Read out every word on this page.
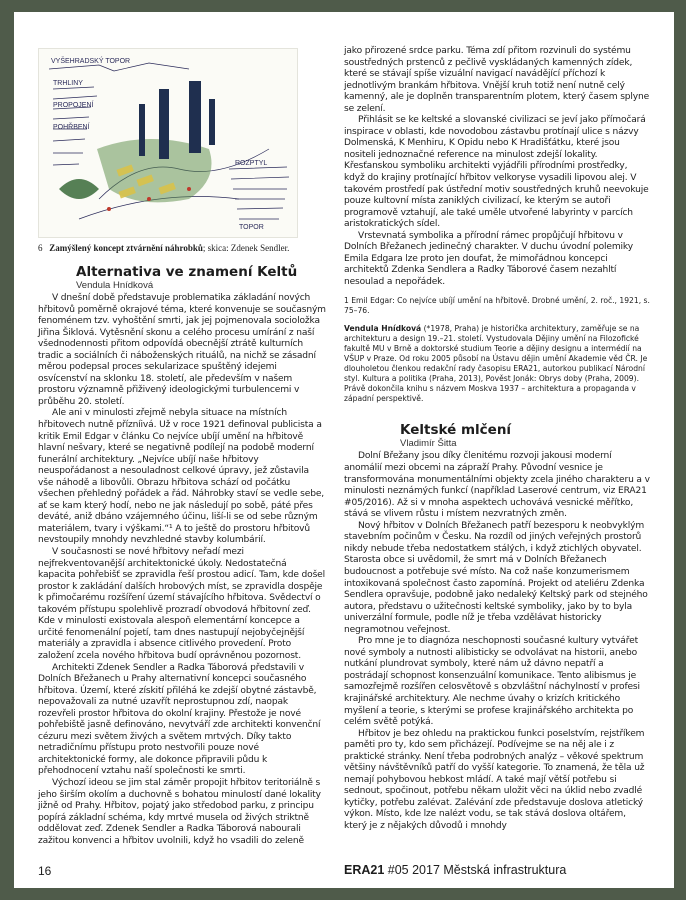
VYŠEHRADSKÝ TOPOR
TRHLINY
PROPOJENÍ
POHŘBENÍ
ROZPTYL
TOPOR
6 Zamýšlený koncept ztvárnění náhrobků; skica: Zdenek Sendler.
Alternativa ve znamení Keltů
Vendula Hnídková

V dnešní době představuje problematika základání nových hřbitovů poměrně okrajové téma, které konvenuje se současným fenoménem tzv. vyhoštění smrti, jak jej pojmenovala socioložka Jiřina Šiklová. Vytěsnění skonu a celého procesu umírání z naší všednodennosti přitom odpovídá obecnější ztrátě kulturních tradic a sociálních či náboženských rituálů, na nichž se zásadní měrou podepsal proces sekularizace spuštěný idejemi osvícenství na sklonku 18. století, ale především v našem prostoru významně přiživený ideologickými turbulencemi v průběhu 20. století.

Ale ani v minulosti zřejmě nebyla situace na místních hřbitovech nutně přízníivá. Už v roce 1921 definoval publicista a kritik Emil Edgar v článku Co nejvíce ubíjí umění na hřbitově hlavní nešvary, které se negativně podílejí na podobě moderní funerální architektury. „Nejvíce ubíjí naše hřbitovy neuspořádanost a nesouladnost celkové úpravy, jež zůstavila vše náhodě a libovůli. Obrazu hřbitova schází od počátku všechen přehledný pořádek a řád. Náhrobky staví se vedle sebe, ať se kam který hodí, nebo ne jak následují po sobě, páté přes deváté, aniž dbáno vzájemného účinu, liší-li se od sebe různým materiálem, tvary i výškami.“¹ A to ještě do prostoru hřbitovů nevstoupily mnohdy nevzhledné stavby kolumbárií.

V současnosti se nové hřbitovy neřadí mezi nejfrekventovanější architektonické úkoly. Nedostatečná kapacita pohřebišť se zpravidla řeší prostou adicí. Tam, kde došel prostor k zakládání dalších hrobových míst, se zpravidla dospěje k přimočarému rozšíření území stávajícího hřbitova. Svědectví o takovém přístupu spolehlivě prozradí obvodová hřbitovní zeď. Kde v minulosti existovala alespoň elementární koncepce a určité fenomenální pojetí, tam dnes nastupují nejobyčejnější materiály a zpravidla i absence citlivého provedení. Proto založení zcela nového hřbitova budí oprávněnou pozornost.

Architekti Zdenek Sendler a Radka Táborová představili v Dolních Břežanech u Prahy alternativní koncepci současného hřbitova. Území, které získití přiléhá ke zdejší obytné zástavbě, nepovažovali za nutné uzavřít neprostupnou zdí, naopak rozevřeli prostor hřbitova do okolní krajiny. Přestože je nové pohřebiště jasně definováno, nevytváří zde architekti konvenční cézuru mezi světem živých a světem mrtvých. Díky takto netradičnímu přístupu proto nestvořili pouze nové architektonické formy, ale dokonce připravili půdu k přehodnocení vztahu naší společnosti ke smrti.

Výchozí ideou se jim stal záměr propojit hřbitov teritoriálně s jeho širším okolím a duchovně s bohatou minulostí dané lokality jižně od Prahy. Hřbitov, pojatý jako středobod parku, z principu popírá základní schéma, kdy mrtvé musela od živých striktně oddělovat zeď. Zdenek Sendler a Radka Táborová nabourali zažitou konvenci a hřbitov uvolnili, když ho vsadili do zeleně

jako přirozené srdce parku. Téma zdí přitom rozvinuli do systému soustředných prstenců z pečlivě vyskládaných kamenných zídek, které se stávají spíše vizuální navigací navádějící příchozí k jednotlivým brankám hřbitova. Vnější kruh totiž není nutně celý kamenný, ale je doplněn transparentním plotem, který časem splyne se zelení.

Přihlásit se ke keltské a slovanské civilizaci se jeví jako přímočará inspirace v oblasti, kde novodobou zástavbu protínají ulice s názvy Dolmenská, K Menhiru, K Opidu nebo K Hradišťátku, které jsou nositeli jednoznačné reference na minulost zdejší lokality. Křesťanskou symboliku architekti vyjádřili přírodními prostředky, když do krajiny protínající hřbitov velkoryse vysadili lipovou alej. V takovém prostředí pak ústřední motiv soustředných kruhů neevokuje pouze kultovní místa zaniklých civilizací, ke kterým se autoři programově vztahují, ale také uměle utvořené labyrinty v parcích aristokratických sídel.

Vrstevnatá symbolika a přírodní rámec propůjčují hřbitovu v Dolních Břežanech jedinečný charakter. V duchu úvodní polemiky Emila Edgara lze proto jen doufat, že mimořádnou koncepci architektů Zdenka Sendlera a Radky Táborové časem nezahltí nesoulad a nepořádek.

1 Emil Edgar: Co nejvíce ubíjí umění na hřbitově. Drobné umění, 2. roč., 1921, s. 75–76.
Vendula Hnídková (*1978, Praha) je historička architektury, zaměřuje se na architekturu a design 19.–21. století. Vystudovala Dějiny umění na Filozofické fakultě MU v Brně a doktorské studium Teorie a dějiny designu a intermédií na VŠUP v Praze. Od roku 2005 působí na Ústavu dějin umění Akademie věd ČR. Je dlouholetou členkou redakční rady časopisu ERA21, autorkou publikací Národní styl. Kultura a politika (Praha, 2013), Pověst Jonák: Obrys doby (Praha, 2009). Právě dokončila knihu s názvem Moskva 1937 – architektura a propaganda v západní perspektivě.
Keltské mlčení
Vladimír Šitta

Dolní Břežany jsou díky členitému rozvoji jakousi moderní anomálií mezi obcemi na zápraží Prahy. Původní vesnice je transformována monumentálními objekty zcela jiného charakteru a v minulosti neznámých funkcí (například Laserové centrum, viz ERA21 #05/2016). Až si v mnoha aspektech uchovává vesnické měřítko, stává se vlivem růstu i místem nezvratných změn.

Nový hřbitov v Dolních Břežanech patří bezesporu k neobvyklým stavebním počinům v Česku. Na rozdíl od jiných veřejných prostorů nikdy nebude třeba nedostatkem stálých, i když ztichlých obyvatel. Starosta obce si uvědomil, že smrt má v Dolních Břežanech budoucnost a potřebuje své místo. Na což naše konzumerismem intoxikovaná společnost často zapomíná. Projekt od ateliéru Zdenka Sendlera opravšuje, podobně jako nedaleký Keltský park od stejného autora, představu o užitečnosti keltské symboliky, jako by to byla univerzální formule, podle níž je třeba vzdělávat historicky negramotnou veřejnost.

Pro mne je to diagnóza neschopnosti současné kultury vytvářet nové symboly a nutnosti alibisticky se odvolávat na historii, anebo nutkání plundrovat symboly, které nám už dávno nepatří a postrádají schopnost konsenzuální komunikace. Tento alibismus je samozřejmě rozšířen celosvětově s obzvláštní náchylností v profesi krajinářské architektury. Ale nechme úvahy o krizích kritického myšlení a teorie, s kterými se profese krajinářského architekta po celém světě potýká.

Hřbitov je bez ohledu na praktickou funkci poselstvím, rejstříkem paměti pro ty, kdo sem přicházejí. Podívejme se na něj ale i z praktické stránky. Není třeba podrobných analýz – věkové spektrum většiny návštěvníků patří do vyšší kategorie. To znamená, že těla už nemají pohybovou hebkost mládí. A také mají větší potřebu si sednout, spočinout, potřebu někam uložit věci na úklid nebo zvadlé kytičky, potřebu zalévat. Zalévání zde představuje doslova atletický výkon. Místo, kde lze nalézt vodu, se tak stává doslova oltářem, který je z nějakých důvodů i mnohdy

16	ERA21 #05 2017 Městská infrastruktura
